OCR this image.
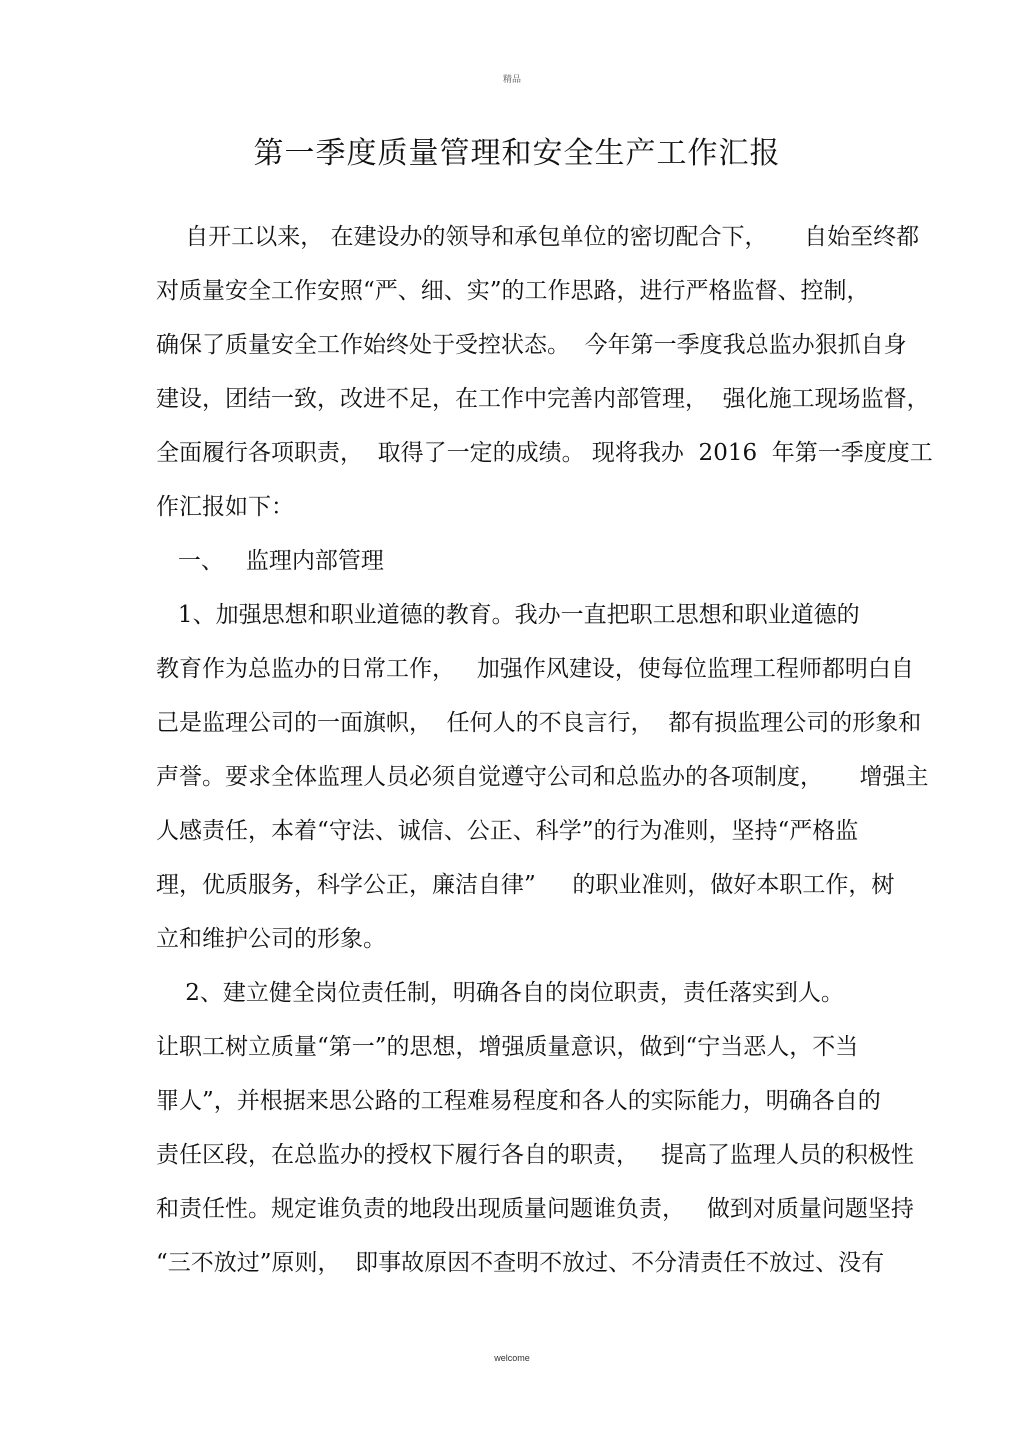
精品
第一季度质量管理和安全生产工作汇报
自开工以来， 在建设办的领导和承包单位的密切配合下，     自始至终都
对质量安全工作安照“严、细、实”的工作思路，进行严格监督、控制，
确保了质量安全工作始终处于受控状态。  今年第一季度我总监办狠抓自身
建设，团结一致，改进不足，在工作中完善内部管理，  强化施工现场监督，
全面履行各项职责，  取得了一定的成绩。 现将我办  2016  年第一季度度工
作汇报如下：
一、   监理内部管理
1、加强思想和职业道德的教育。我办一直把职工思想和职业道德的
教育作为总监办的日常工作，   加强作风建设，使每位监理工程师都明白自
己是监理公司的一面旗帜，  任何人的不良言行，  都有损监理公司的形象和
声誉。要求全体监理人员必须自觉遵守公司和总监办的各项制度，     增强主
人感责任，本着“守法、诚信、公正、科学”的行为准则，坚持“严格监
理，优质服务，科学公正，廉洁自律”     的职业准则，做好本职工作，树
立和维护公司的形象。
2、建立健全岗位责任制，明确各自的岗位职责，责任落实到人。
让职工树立质量“第一”的思想，增强质量意识，做到“宁当恶人，不当
罪人”，并根据来思公路的工程难易程度和各人的实际能力，明确各自的
责任区段，在总监办的授权下履行各自的职责，   提高了监理人员的积极性
和责任性。规定谁负责的地段出现质量问题谁负责，   做到对质量问题坚持
“三不放过”原则，  即事故原因不查明不放过、不分清责任不放过、没有
welcome
